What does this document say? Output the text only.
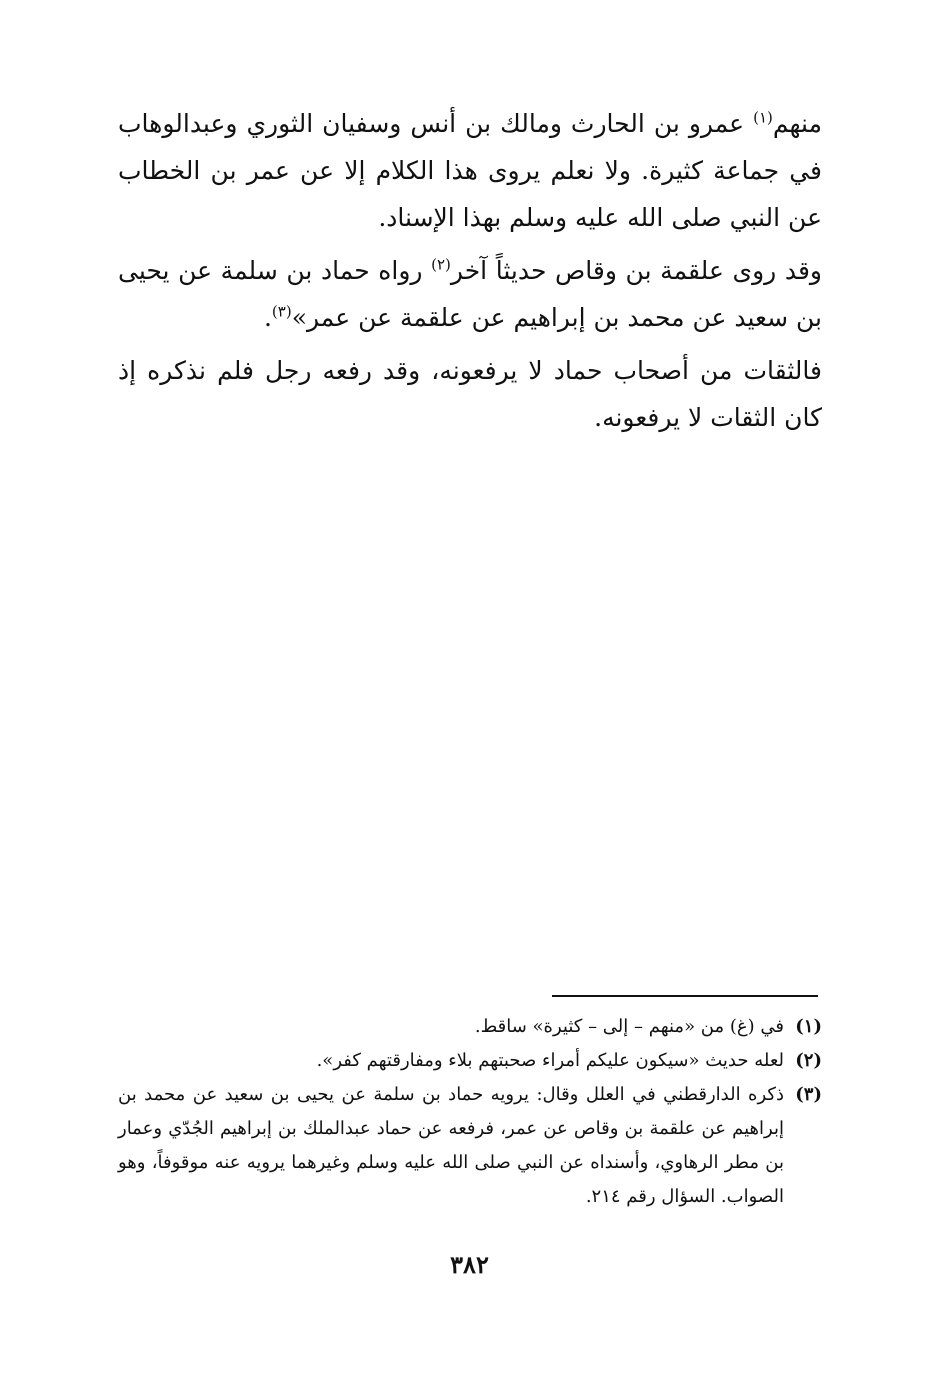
منهم$^{(١)}$ عمرو بن الحارث ومالك بن أنس وسفيان الثوري وعبدالوهاب في جماعة كثيرة. ولا نعلم يروى هذا الكلام إلا عن عمر بن الخطاب عن النبي صلى الله عليه وسلم بهذا الإسناد.

وقد روى علقمة بن وقاص حديثاً آخر$^{(٢)}$ رواه حماد بن سلمة عن يحيى بن سعيد عن محمد بن إبراهيم عن علقمة عن عمر»$^{(٣)}$.

فالثقات من أصحاب حماد لا يرفعونه، وقد رفعه رجل فلم نذكره إذ كان الثقات لا يرفعونه.

(١)
في (غ) من «منهم – إلى – كثيرة» ساقط.
(٢)
لعله حديث «سيكون عليكم أمراء صحبتهم بلاء ومفارقتهم كفر».
(٣)
ذكره الدارقطني في العلل وقال: يرويه حماد بن سلمة عن يحيى بن سعيد عن محمد بن إبراهيم عن علقمة بن وقاص عن عمر، فرفعه عن حماد عبدالملك بن إبراهيم الجُدّي وعمار بن مطر الرهاوي، وأسنداه عن النبي صلى الله عليه وسلم وغيرهما يرويه عنه موقوفاً، وهو الصواب. السؤال رقم ٢١٤.
٣٨٢
